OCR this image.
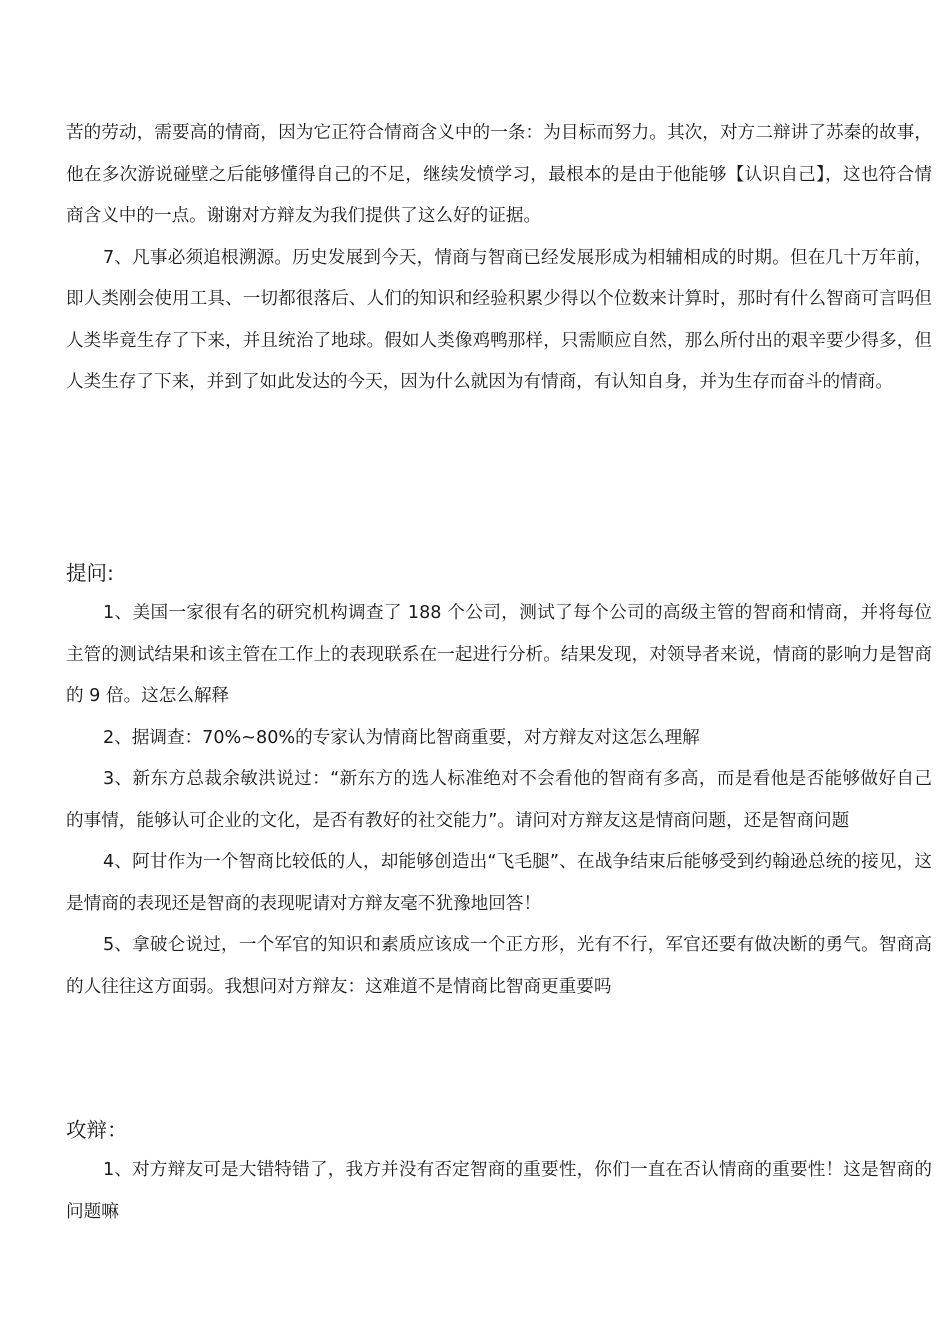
苦的劳动，需要高的情商，因为它正符合情商含义中的一条：为目标而努力。其次，对方二辩讲了苏秦的故事，他在多次游说碰壁之后能够懂得自己的不足，继续发愤学习，最根本的是由于他能够【认识自己】，这也符合情商含义中的一点。谢谢对方辩友为我们提供了这么好的证据。

7、凡事必须追根溯源。历史发展到今天，情商与智商已经发展形成为相辅相成的时期。但在几十万年前，即人类刚会使用工具、一切都很落后、人们的知识和经验积累少得以个位数来计算时，那时有什么智商可言吗但人类毕竟生存了下来，并且统治了地球。假如人类像鸡鸭那样，只需顺应自然，那么所付出的艰辛要少得多，但人类生存了下来，并到了如此发达的今天，因为什么就因为有情商，有认知自身，并为生存而奋斗的情商。

提问:

1、美国一家很有名的研究机构调查了 188 个公司，测试了每个公司的高级主管的智商和情商，并将每位主管的测试结果和该主管在工作上的表现联系在一起进行分析。结果发现，对领导者来说，情商的影响力是智商的 9 倍。这怎么解释

2、据调查：70%~80%的专家认为情商比智商重要，对方辩友对这怎么理解

3、新东方总裁余敏洪说过：“新东方的选人标准绝对不会看他的智商有多高，而是看他是否能够做好自己的事情，能够认可企业的文化，是否有教好的社交能力”。请问对方辩友这是情商问题，还是智商问题

4、阿甘作为一个智商比较低的人，却能够创造出“飞毛腿”、在战争结束后能够受到约翰逊总统的接见，这是情商的表现还是智商的表现呢请对方辩友毫不犹豫地回答！

5、拿破仑说过，一个军官的知识和素质应该成一个正方形，光有不行，军官还要有做决断的勇气。智商高的人往往这方面弱。我想问对方辩友：这难道不是情商比智商更重要吗

攻辩：

1、对方辩友可是大错特错了，我方并没有否定智商的重要性，你们一直在否认情商的重要性！这是智商的问题嘛
